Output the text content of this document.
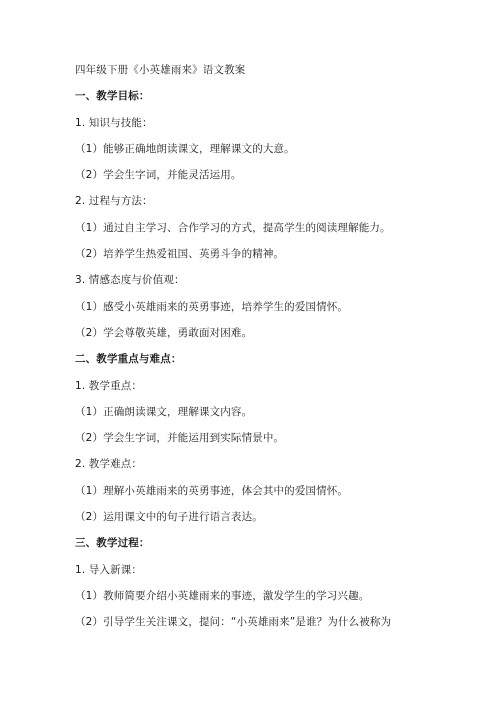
四年级下册《小英雄雨来》语文教案
一、教学目标：
1. 知识与技能：
（1）能够正确地朗读课文，理解课文的大意。
（2）学会生字词，并能灵活运用。
2. 过程与方法：
（1）通过自主学习、合作学习的方式，提高学生的阅读理解能力。
（2）培养学生热爱祖国、英勇斗争的精神。
3. 情感态度与价值观：
（1）感受小英雄雨来的英勇事迹，培养学生的爱国情怀。
（2）学会尊敬英雄，勇敢面对困难。
二、教学重点与难点：
1. 教学重点：
（1）正确朗读课文，理解课文内容。
（2）学会生字词，并能运用到实际情景中。
2. 教学难点：
（1）理解小英雄雨来的英勇事迹，体会其中的爱国情怀。
（2）运用课文中的句子进行语言表达。
三、教学过程：
1. 导入新课：
（1）教师简要介绍小英雄雨来的事迹，激发学生的学习兴趣。
（2）引导学生关注课文，提问：“小英雄雨来”是谁？为什么被称为
